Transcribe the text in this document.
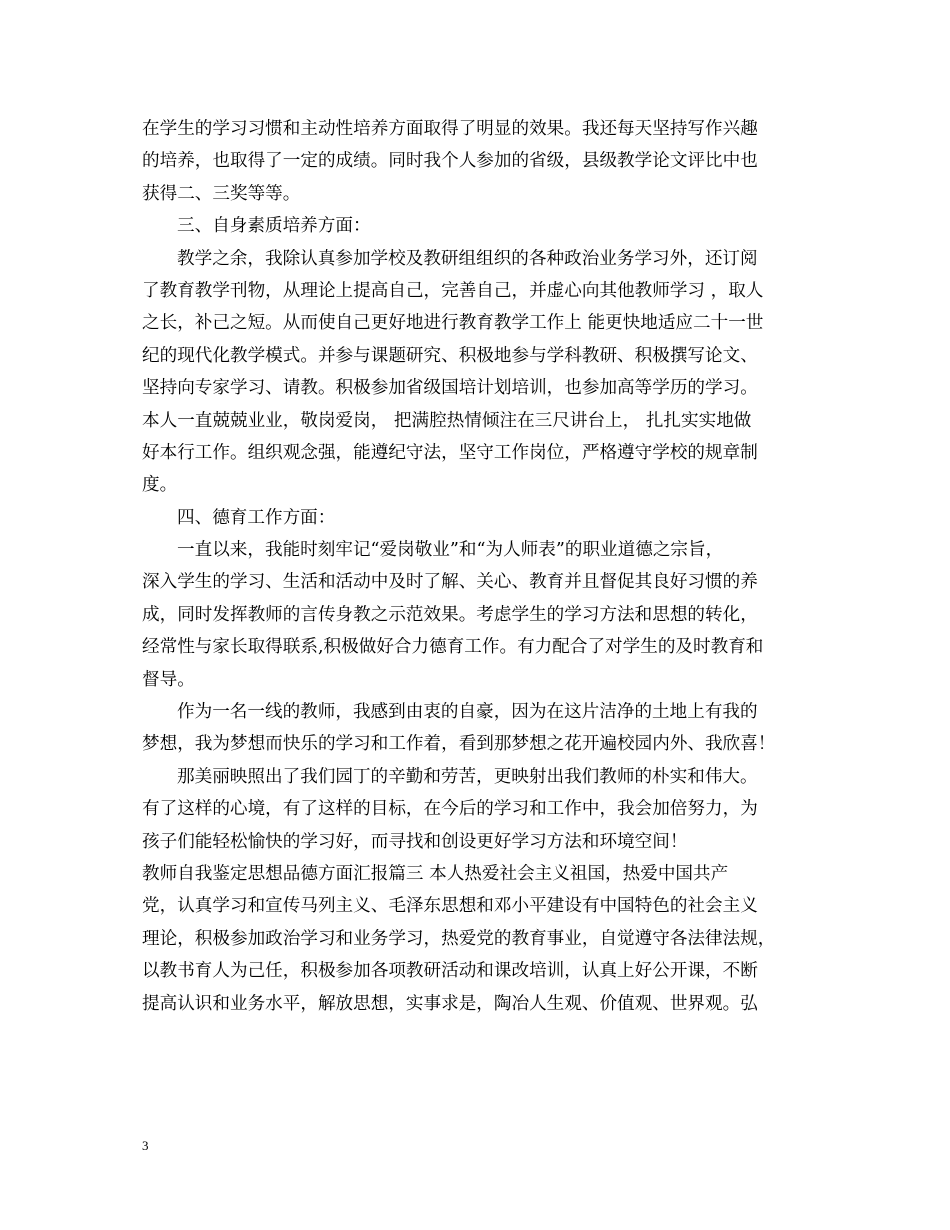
在学生的学习习惯和主动性培养方面取得了明显的效果。我还每天坚持写作兴趣
的培养，也取得了一定的成绩。同时我个人参加的省级，县级教学论文评比中也
获得二、三奖等等。
三、自身素质培养方面：
教学之余，我除认真参加学校及教研组组织的各种政治业务学习外，还订阅
了教育教学刊物，从理论上提高自己，完善自己，并虚心向其他教师学习 ，取人
之长，补己之短。从而使自己更好地进行教育教学工作上 能更快地适应二十一世
纪的现代化教学模式。并参与课题研究、积极地参与学科教研、积极撰写论文、
坚持向专家学习、请教。积极参加省级国培计划培训，也参加高等学历的学习。
本人一直兢兢业业，敬岗爱岗， 把满腔热情倾注在三尺讲台上， 扎扎实实地做
好本行工作。组织观念强，能遵纪守法，坚守工作岗位，严格遵守学校的规章制
度。
四、德育工作方面：
一直以来，我能时刻牢记“爱岗敬业”和“为人师表”的职业道德之宗旨，
深入学生的学习、生活和活动中及时了解、关心、教育并且督促其良好习惯的养
成，同时发挥教师的言传身教之示范效果。考虑学生的学习方法和思想的转化，
经常性与家长取得联系,积极做好合力德育工作。有力配合了对学生的及时教育和
督导。
作为一名一线的教师，我感到由衷的自豪，因为在这片洁净的土地上有我的
梦想，我为梦想而快乐的学习和工作着，看到那梦想之花开遍校园内外、我欣喜！
那美丽映照出了我们园丁的辛勤和劳苦，更映射出我们教师的朴实和伟大。
有了这样的心境，有了这样的目标，在今后的学习和工作中，我会加倍努力，为
孩子们能轻松愉快的学习好，而寻找和创设更好学习方法和环境空间！
教师自我鉴定思想品德方面汇报篇三 本人热爱社会主义祖国，热爱中国共产
党，认真学习和宣传马列主义、毛泽东思想和邓小平建设有中国特色的社会主义
理论，积极参加政治学习和业务学习，热爱党的教育事业，自觉遵守各法律法规，
以教书育人为己任，积极参加各项教研活动和课改培训，认真上好公开课，不断
提高认识和业务水平，解放思想，实事求是，陶冶人生观、价值观、世界观。弘
3
